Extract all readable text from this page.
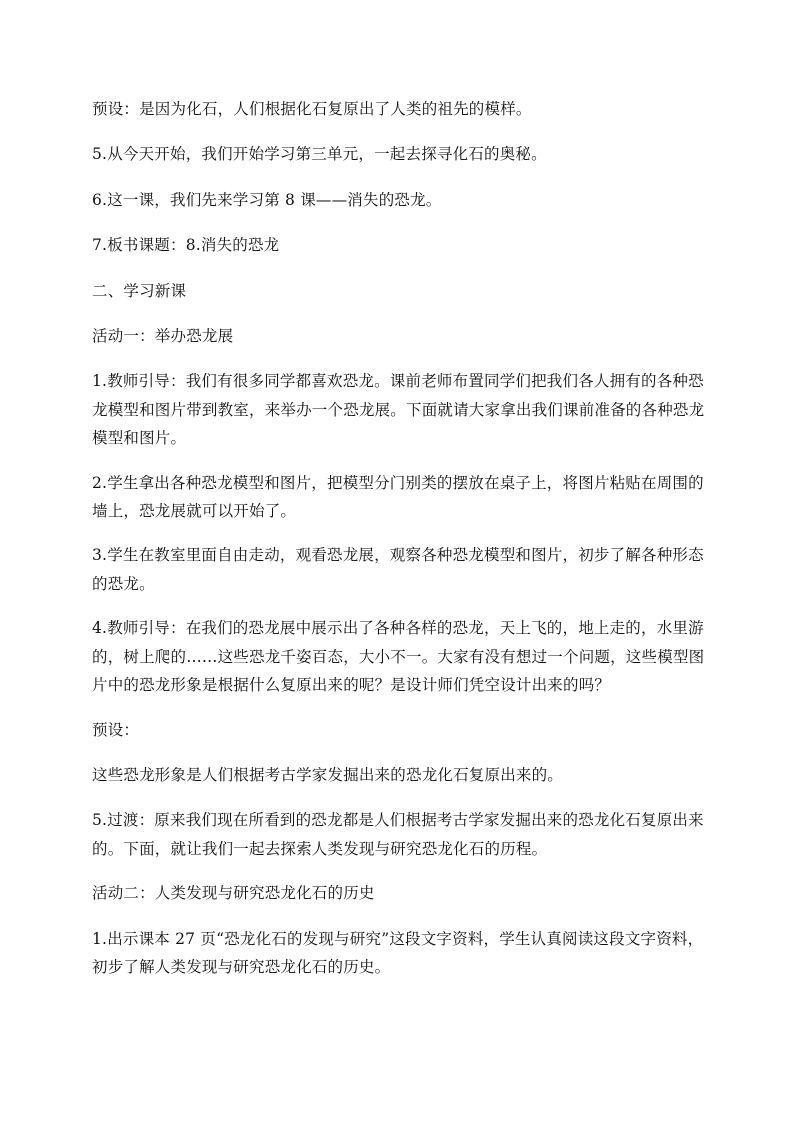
预设：是因为化石，人们根据化石复原出了人类的祖先的模样。

5.从今天开始，我们开始学习第三单元，一起去探寻化石的奥秘。

6.这一课，我们先来学习第 8 课——消失的恐龙。

7.板书课题：8.消失的恐龙

二、学习新课

活动一：举办恐龙展

1.教师引导：我们有很多同学都喜欢恐龙。课前老师布置同学们把我们各人拥有的各种恐龙模型和图片带到教室，来举办一个恐龙展。下面就请大家拿出我们课前准备的各种恐龙模型和图片。

2.学生拿出各种恐龙模型和图片，把模型分门别类的摆放在桌子上，将图片粘贴在周围的墙上，恐龙展就可以开始了。

3.学生在教室里面自由走动，观看恐龙展，观察各种恐龙模型和图片，初步了解各种形态的恐龙。

4.教师引导：在我们的恐龙展中展示出了各种各样的恐龙，天上飞的，地上走的，水里游的，树上爬的……这些恐龙千姿百态，大小不一。大家有没有想过一个问题，这些模型图片中的恐龙形象是根据什么复原出来的呢？是设计师们凭空设计出来的吗？

预设：

这些恐龙形象是人们根据考古学家发掘出来的恐龙化石复原出来的。

5.过渡：原来我们现在所看到的恐龙都是人们根据考古学家发掘出来的恐龙化石复原出来的。下面，就让我们一起去探索人类发现与研究恐龙化石的历程。

活动二：人类发现与研究恐龙化石的历史

1.出示课本 27 页“恐龙化石的发现与研究”这段文字资料，学生认真阅读这段文字资料，初步了解人类发现与研究恐龙化石的历史。
